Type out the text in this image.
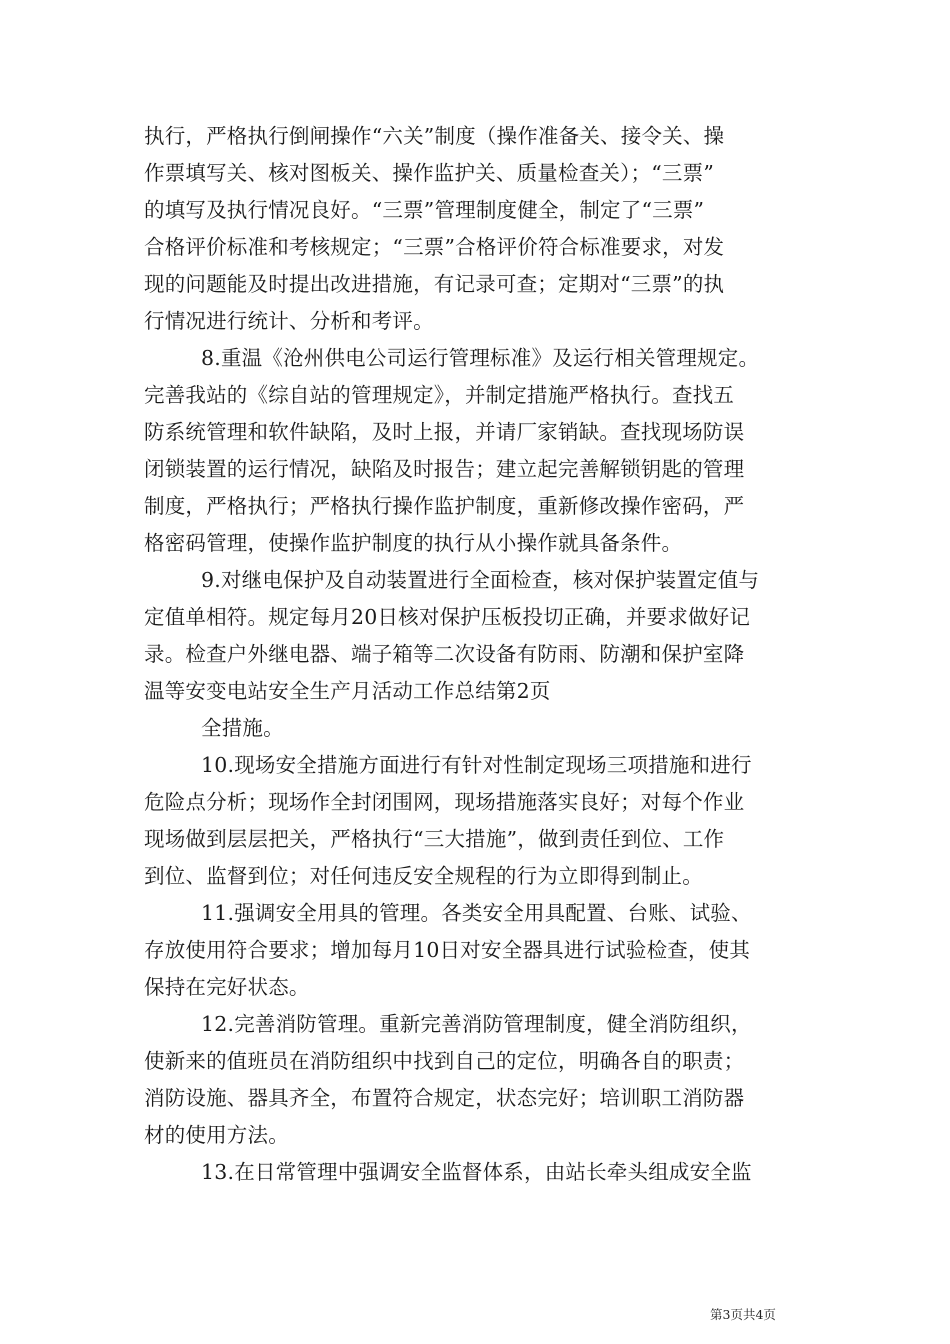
执行，严格执行倒闸操作“六关”制度（操作准备关、接令关、操
作票填写关、核对图板关、操作监护关、质量检查关）；“三票”
的填写及执行情况良好。“三票”管理制度健全，制定了“三票”
合格评价标准和考核规定；“三票”合格评价符合标准要求，对发
现的问题能及时提出改进措施，有记录可查；定期对“三票”的执
行情况进行统计、分析和考评。
8.重温《沧州供电公司运行管理标准》及运行相关管理规定。
完善我站的《综自站的管理规定》，并制定措施严格执行。查找五
防系统管理和软件缺陷，及时上报，并请厂家销缺。查找现场防误
闭锁装置的运行情况，缺陷及时报告；建立起完善解锁钥匙的管理
制度，严格执行；严格执行操作监护制度，重新修改操作密码，严
格密码管理，使操作监护制度的执行从小操作就具备条件。
9.对继电保护及自动装置进行全面检查，核对保护装置定值与
定值单相符。规定每月20日核对保护压板投切正确，并要求做好记
录。检查户外继电器、端子箱等二次设备有防雨、防潮和保护室降
温等安变电站安全生产月活动工作总结第2页
全措施。
10.现场安全措施方面进行有针对性制定现场三项措施和进行
危险点分析；现场作全封闭围网，现场措施落实良好；对每个作业
现场做到层层把关，严格执行“三大措施”，做到责任到位、工作
到位、监督到位；对任何违反安全规程的行为立即得到制止。
11.强调安全用具的管理。各类安全用具配置、台账、试验、
存放使用符合要求；增加每月10日对安全器具进行试验检查，使其
保持在完好状态。
12.完善消防管理。重新完善消防管理制度，健全消防组织，
使新来的值班员在消防组织中找到自己的定位，明确各自的职责；
消防设施、器具齐全，布置符合规定，状态完好；培训职工消防器
材的使用方法。
13.在日常管理中强调安全监督体系，由站长牵头组成安全监
第3页共4页
